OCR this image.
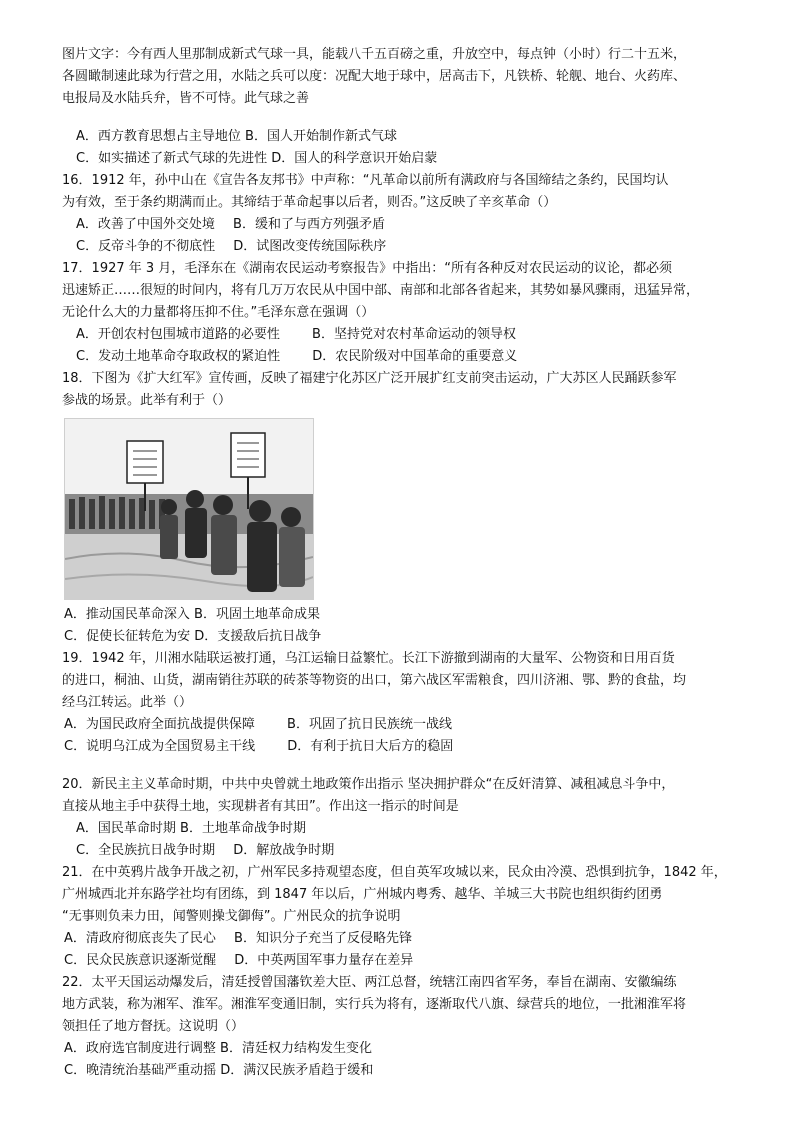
图片文字：今有西人里那制成新式气球一具，能载八千五百磅之重，升放空中，每点钟（小时）行二十五米，
各圆瞰制速此球为行营之用，水陆之兵可以度：况配大地于球中，居高击下，凡铁桥、轮舰、地台、火药库、
电报局及水陆兵弁，皆不可恃。此气球之善
A．西方教育思想占主导地位 B．国人开始制作新式气球
C．如实描述了新式气球的先进性 D．国人的科学意识开始启蒙
16．1912 年，孙中山在《宣告各友邦书》中声称：“凡革命以前所有满政府与各国缔结之条约，民国均认
为有效，至于条约期满而止。其缔结于革命起事以后者，则否。”这反映了辛亥革命（）
A．改善了中国外交处境 B．缓和了与西方列强矛盾
C．反帝斗争的不彻底性 D．试图改变传统国际秩序
17．1927 年 3 月，毛泽东在《湖南农民运动考察报告》中指出：“所有各种反对农民运动的议论，都必须
迅速矫正……很短的时间内，将有几万万农民从中国中部、南部和北部各省起来，其势如暴风骤雨，迅猛异常，
无论什么大的力量都将压抑不住。”毛泽东意在强调（）
A．开创农村包围城市道路的必要性 B．坚持党对农村革命运动的领导权
C．发动土地革命夺取政权的紧迫性 D．农民阶级对中国革命的重要意义
18．下图为《扩大红军》宣传画，反映了福建宁化苏区广泛开展扩红支前突击运动，广大苏区人民踊跃参军
参战的场景。此举有利于（）
A．推动国民革命深入 B．巩固土地革命成果
C．促使长征转危为安 D．支援敌后抗日战争
19．1942 年，川湘水陆联运被打通，乌江运输日益繁忙。长江下游撤到湖南的大量军、公物资和日用百货
的进口，桐油、山货，湖南销往苏联的砖茶等物资的出口，第六战区军需粮食，四川济湘、鄂、黔的食盐，均
经乌江转运。此举（）
A．为国民政府全面抗战提供保障 B．巩固了抗日民族统一战线
C．说明乌江成为全国贸易主干线 D．有利于抗日大后方的稳固
20．新民主主义革命时期，中共中央曾就土地政策作出指示 坚决拥护群众“在反奸清算、减租减息斗争中，
直接从地主手中获得土地，实现耕者有其田”。作出这一指示的时间是
A．国民革命时期 B．土地革命战争时期
C．全民族抗日战争时期 D．解放战争时期
21．在中英鸦片战争开战之初，广州军民多持观望态度，但自英军攻城以来，民众由冷漠、恐惧到抗争，1842 年，
广州城西北并东路学社均有团练，到 1847 年以后，广州城内粤秀、越华、羊城三大书院也组织街约团勇
“无事则负耒力田，闻警则操戈御侮”。广州民众的抗争说明
A．清政府彻底丧失了民心 B．知识分子充当了反侵略先锋
C．民众民族意识逐渐觉醒 D．中英两国军事力量存在差异
22．太平天国运动爆发后，清廷授曾国藩钦差大臣、两江总督，统辖江南四省军务，奉旨在湖南、安徽编练
地方武装，称为湘军、淮军。湘淮军变通旧制，实行兵为将有，逐渐取代八旗、绿营兵的地位，一批湘淮军将
领担任了地方督抚。这说明（）
A．政府选官制度进行调整 B．清廷权力结构发生变化
C．晚清统治基础严重动摇 D．满汉民族矛盾趋于缓和
